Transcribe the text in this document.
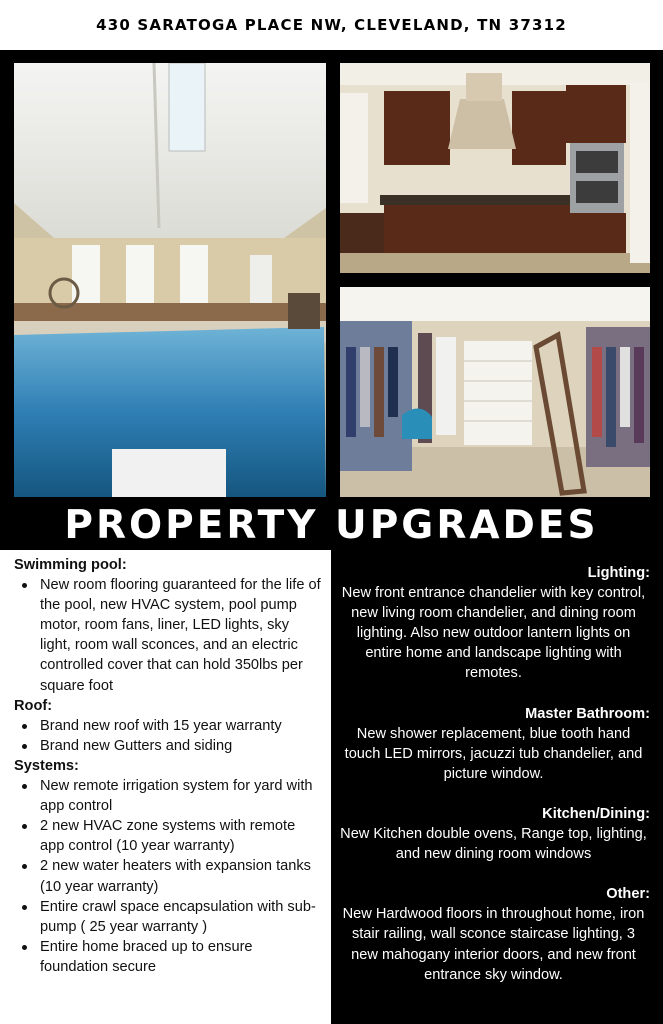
430 SARATOGA PLACE NW, CLEVELAND, TN 37312
PROPERTY UPGRADES
Swimming pool:
New room flooring guaranteed for the life of the pool, new HVAC system, pool pump motor, room fans, liner, LED lights, sky light, room wall sconces, and an electric controlled cover that can hold 350lbs per square foot
Roof:
Brand new roof with 15 year warranty
Brand new Gutters and siding
Systems:
New remote irrigation system for yard with app control
2 new HVAC zone systems with remote app control (10 year warranty)
2 new water heaters with expansion tanks (10 year warranty)
Entire crawl space encapsulation with sub-pump ( 25 year warranty )
Entire home braced up to ensure foundation secure
Lighting:

New front entrance chandelier with key control, new living room chandelier, and dining room lighting. Also new outdoor lantern lights on entire home and landscape lighting with remotes.

Master Bathroom:

New shower replacement, blue tooth hand touch LED mirrors, jacuzzi tub chandelier, and picture window.

Kitchen/Dining:

New Kitchen double ovens, Range top, lighting, and new dining room windows

Other:

New Hardwood floors in throughout home, iron stair railing, wall sconce staircase lighting, 3 new mahogany interior doors, and new front entrance sky window.
